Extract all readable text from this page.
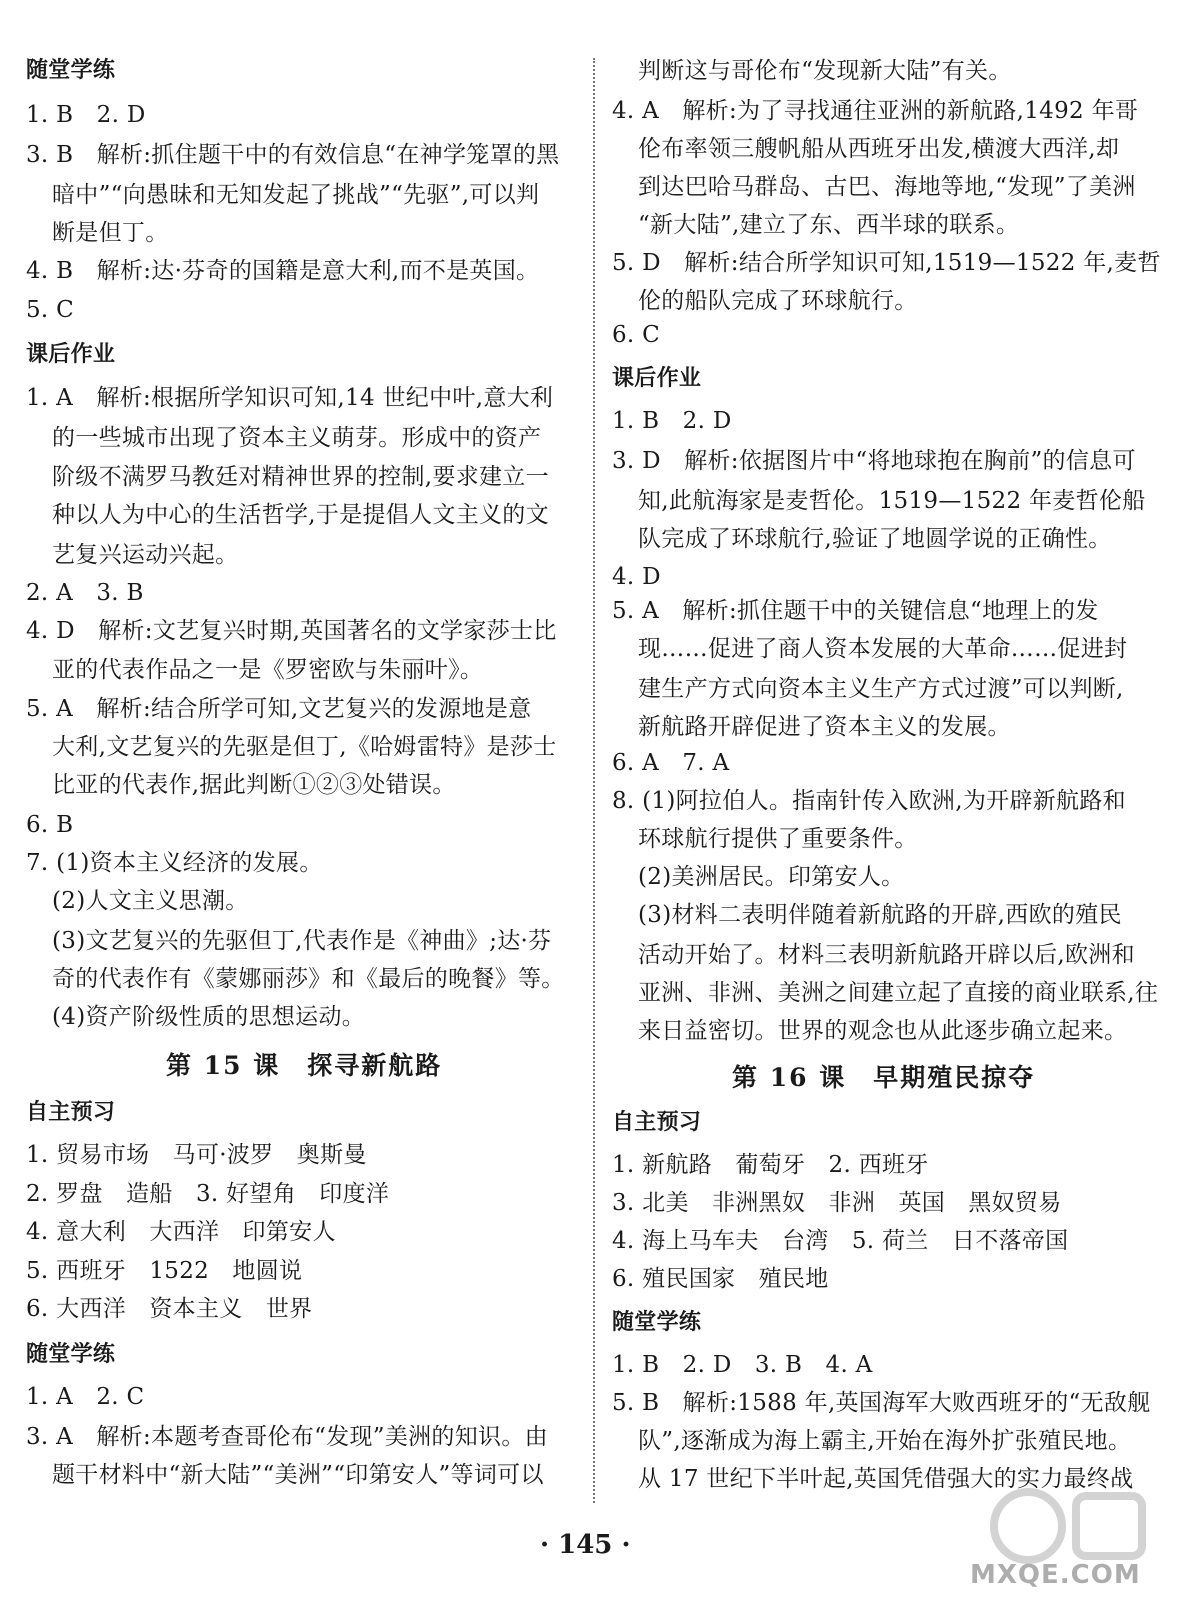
随堂学练
1. B　2. D
3. B　解析:抓住题干中的有效信息“在神学笼罩的黑
暗中”“向愚昧和无知发起了挑战”“先驱”,可以判
断是但丁。
4. B　解析:达·芬奇的国籍是意大利,而不是英国。
5. C
课后作业
1. A　解析:根据所学知识可知,14 世纪中叶,意大利
的一些城市出现了资本主义萌芽。形成中的资产
阶级不满罗马教廷对精神世界的控制,要求建立一
种以人为中心的生活哲学,于是提倡人文主义的文
艺复兴运动兴起。
2. A　3. B
4. D　解析:文艺复兴时期,英国著名的文学家莎士比
亚的代表作品之一是《罗密欧与朱丽叶》。
5. A　解析:结合所学可知,文艺复兴的发源地是意
大利,文艺复兴的先驱是但丁,《哈姆雷特》是莎士
比亚的代表作,据此判断①②③处错误。
6. B
7. (1)资本主义经济的发展。
(2)人文主义思潮。
(3)文艺复兴的先驱但丁,代表作是《神曲》;达·芬
奇的代表作有《蒙娜丽莎》和《最后的晚餐》等。
(4)资产阶级性质的思想运动。
第 15 课　探寻新航路
自主预习
1. 贸易市场　马可·波罗　奥斯曼
2. 罗盘　造船　3. 好望角　印度洋
4. 意大利　大西洋　印第安人
5. 西班牙　1522　地圆说
6. 大西洋　资本主义　世界
随堂学练
1. A　2. C
3. A　解析:本题考查哥伦布“发现”美洲的知识。由
题干材料中“新大陆”“美洲”“印第安人”等词可以
判断这与哥伦布“发现新大陆”有关。
4. A　解析:为了寻找通往亚洲的新航路,1492 年哥
伦布率领三艘帆船从西班牙出发,横渡大西洋,却
到达巴哈马群岛、古巴、海地等地,“发现”了美洲
“新大陆”,建立了东、西半球的联系。
5. D　解析:结合所学知识可知,1519—1522 年,麦哲
伦的船队完成了环球航行。
6. C
课后作业
1. B　2. D
3. D　解析:依据图片中“将地球抱在胸前”的信息可
知,此航海家是麦哲伦。1519—1522 年麦哲伦船
队完成了环球航行,验证了地圆学说的正确性。
4. D
5. A　解析:抓住题干中的关键信息“地理上的发
现……促进了商人资本发展的大革命……促进封
建生产方式向资本主义生产方式过渡”可以判断,
新航路开辟促进了资本主义的发展。
6. A　7. A
8. (1)阿拉伯人。指南针传入欧洲,为开辟新航路和
环球航行提供了重要条件。
(2)美洲居民。印第安人。
(3)材料二表明伴随着新航路的开辟,西欧的殖民
活动开始了。材料三表明新航路开辟以后,欧洲和
亚洲、非洲、美洲之间建立起了直接的商业联系,往
来日益密切。世界的观念也从此逐步确立起来。
第 16 课　早期殖民掠夺
自主预习
1. 新航路　葡萄牙　2. 西班牙
3. 北美　非洲黑奴　非洲　英国　黑奴贸易
4. 海上马车夫　台湾　5. 荷兰　日不落帝国
6. 殖民国家　殖民地
随堂学练
1. B　2. D　3. B　4. A
5. B　解析:1588 年,英国海军大败西班牙的“无敌舰
队”,逐渐成为海上霸主,开始在海外扩张殖民地。
从 17 世纪下半叶起,英国凭借强大的实力最终战
· 145 ·
MXQE.COM
